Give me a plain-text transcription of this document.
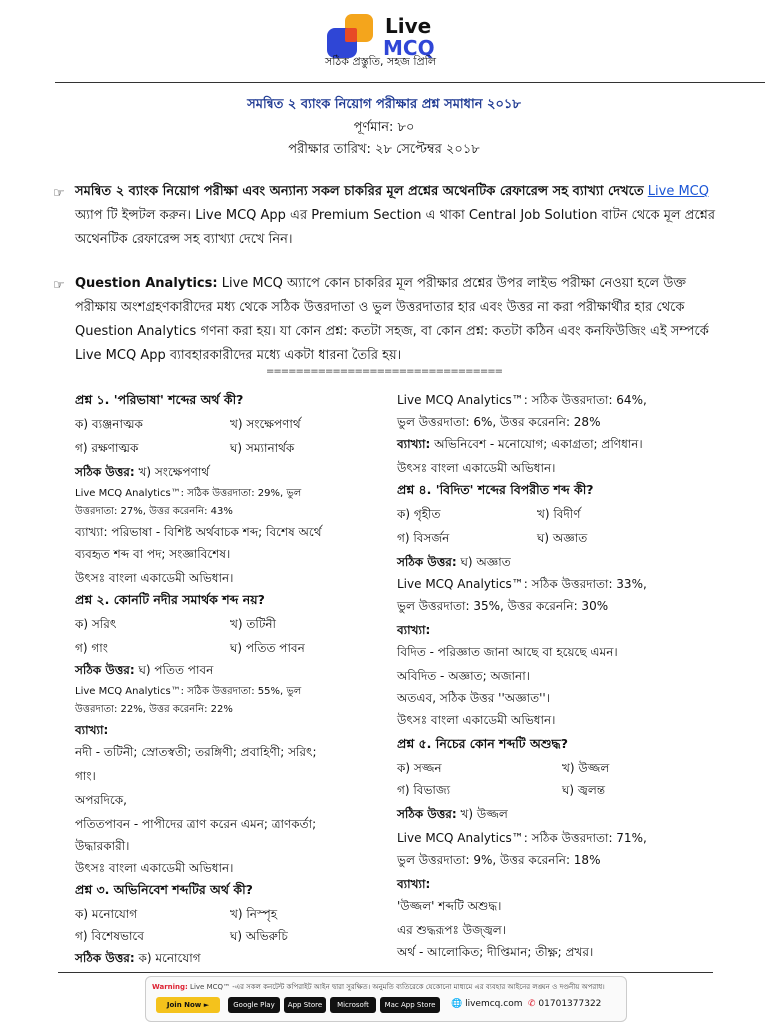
Live
MCQ
সঠিক প্রস্তুতি, সহজ প্রিলি
সমন্বিত ২ ব্যাংক নিয়োগ পরীক্ষার প্রশ্ন সমাধান ২০১৮
পূর্ণমান: ৮০
পরীক্ষার তারিখ: ২৮ সেপ্টেম্বর ২০১৮
☞ সমন্বিত ২ ব্যাংক নিয়োগ পরীক্ষা এবং অন্যান্য সকল চাকরির মূল প্রশ্নের অথেনটিক রেফারেন্স সহ ব্যাখ্যা দেখতে Live MCQ অ্যাপ টি ইন্সটল করুন। Live MCQ App এর Premium Section এ থাকা Central Job Solution বাটন থেকে মূল প্রশ্নের অথেনটিক রেফারেন্স সহ ব্যাখ্যা দেখে নিন।
☞ Question Analytics: Live MCQ অ্যাপে কোন চাকরির মূল পরীক্ষার প্রশ্নের উপর লাইভ পরীক্ষা নেওয়া হলে উক্ত পরীক্ষায় অংশগ্রহণকারীদের মধ্য থেকে সঠিক উত্তরদাতা ও ভুল উত্তরদাতার হার এবং উত্তর না করা পরীক্ষার্থীর হার থেকে Question Analytics গণনা করা হয়। যা কোন প্রশ্ন: কতটা সহজ, বা কোন প্রশ্ন: কতটা কঠিন এবং কনফিউজিং এই সম্পর্কে Live MCQ App ব্যাবহারকারীদের মধ্যে একটা ধারনা তৈরি হয়।
================================
প্রশ্ন ১. 'পরিভাষা' শব্দের অর্থ কী?
ক) ব্যঞ্জনাত্মক	খ) সংক্ষেপণার্থ
গ) রক্ষণাত্মক	ঘ) সম্যানার্থক
সঠিক উত্তর: খ) সংক্ষেপণার্থ
Live MCQ Analytics™: সঠিক উত্তরদাতা: 29%, ভুল
উত্তরদাতা: 27%, উত্তর করেননি: 43%
ব্যাখ্যা: পরিভাষা - বিশিষ্ট অর্থবাচক শব্দ; বিশেষ অর্থে
ব্যবহৃত শব্দ বা পদ; সংজ্ঞাবিশেষ।
উৎসঃ বাংলা একাডেমী অভিধান।
প্রশ্ন ২. কোনটি নদীর সমার্থক শব্দ নয়?
ক) সরিৎ	খ) তটিনী
গ) গাং	ঘ) পতিত পাবন
সঠিক উত্তর: ঘ) পতিত পাবন
Live MCQ Analytics™: সঠিক উত্তরদাতা: 55%, ভুল
উত্তরদাতা: 22%, উত্তর করেননি: 22%
ব্যাখ্যা:
নদী - তটিনী; স্রোতস্বতী; তরঙ্গিণী; প্রবাহিণী; সরিৎ;
গাং।
অপরদিকে,
পতিতপাবন - পাপীদের ত্রাণ করেন এমন; ত্রাণকর্তা;
উদ্ধারকারী।
উৎসঃ বাংলা একাডেমী অভিধান।
প্রশ্ন ৩. অভিনিবেশ শব্দটির অর্থ কী?
ক) মনোযোগ	খ) নিস্পৃহ
গ) বিশেষভাবে	ঘ) অভিরুচি
সঠিক উত্তর: ক) মনোযোগ
Live MCQ Analytics™: সঠিক উত্তরদাতা: 64%,
ভুল উত্তরদাতা: 6%, উত্তর করেননি: 28%
ব্যাখ্যা: অভিনিবেশ - মনোযোগ; একাগ্রতা; প্রণিধান।
উৎসঃ বাংলা একাডেমী অভিধান।
প্রশ্ন ৪. 'বিদিত' শব্দের বিপরীত শব্দ কী?
ক) গৃহীত	খ) বিদীর্ণ
গ) বিসর্জন	ঘ) অজ্ঞাত
সঠিক উত্তর: ঘ) অজ্ঞাত
Live MCQ Analytics™: সঠিক উত্তরদাতা: 33%,
ভুল উত্তরদাতা: 35%, উত্তর করেননি: 30%
ব্যাখ্যা:
বিদিত - পরিজ্ঞাত জানা আছে বা হয়েছে এমন।
অবিদিত - অজ্ঞাত; অজানা।
অতএব, সঠিক উত্তর ''অজ্ঞাত''।
উৎসঃ বাংলা একাডেমী অভিধান।
প্রশ্ন ৫. নিচের কোন শব্দটি অশুদ্ধ?
ক) সজ্জন	খ) উজ্জল
গ) বিভাজ্য	ঘ) জ্বলন্ত
সঠিক উত্তর: খ) উজ্জল
Live MCQ Analytics™: সঠিক উত্তরদাতা: 71%,
ভুল উত্তরদাতা: 9%, উত্তর করেননি: 18%
ব্যাখ্যা:
'উজ্জল' শব্দটি অশুদ্ধ।
এর শুদ্ধরূপঃ উজ্জ্বল।
অর্থ - আলোকিত; দীপ্তিমান; তীক্ষ্ণ; প্রখর।
Warning: Live MCQ™ -এর সকল কনটেন্ট কপিরাইট আইন দ্বারা সুরক্ষিত। অনুমতি ব্যতিরেকে যেকোনো মাধ্যমে এর ব্যবহার আইনের লঙ্ঘন ও দণ্ডনীয় অপরাধ।
Join Now ►	Google Play	App Store	Microsoft	Mac App Store	🌐 livemcq.com ✆ 01701377322
